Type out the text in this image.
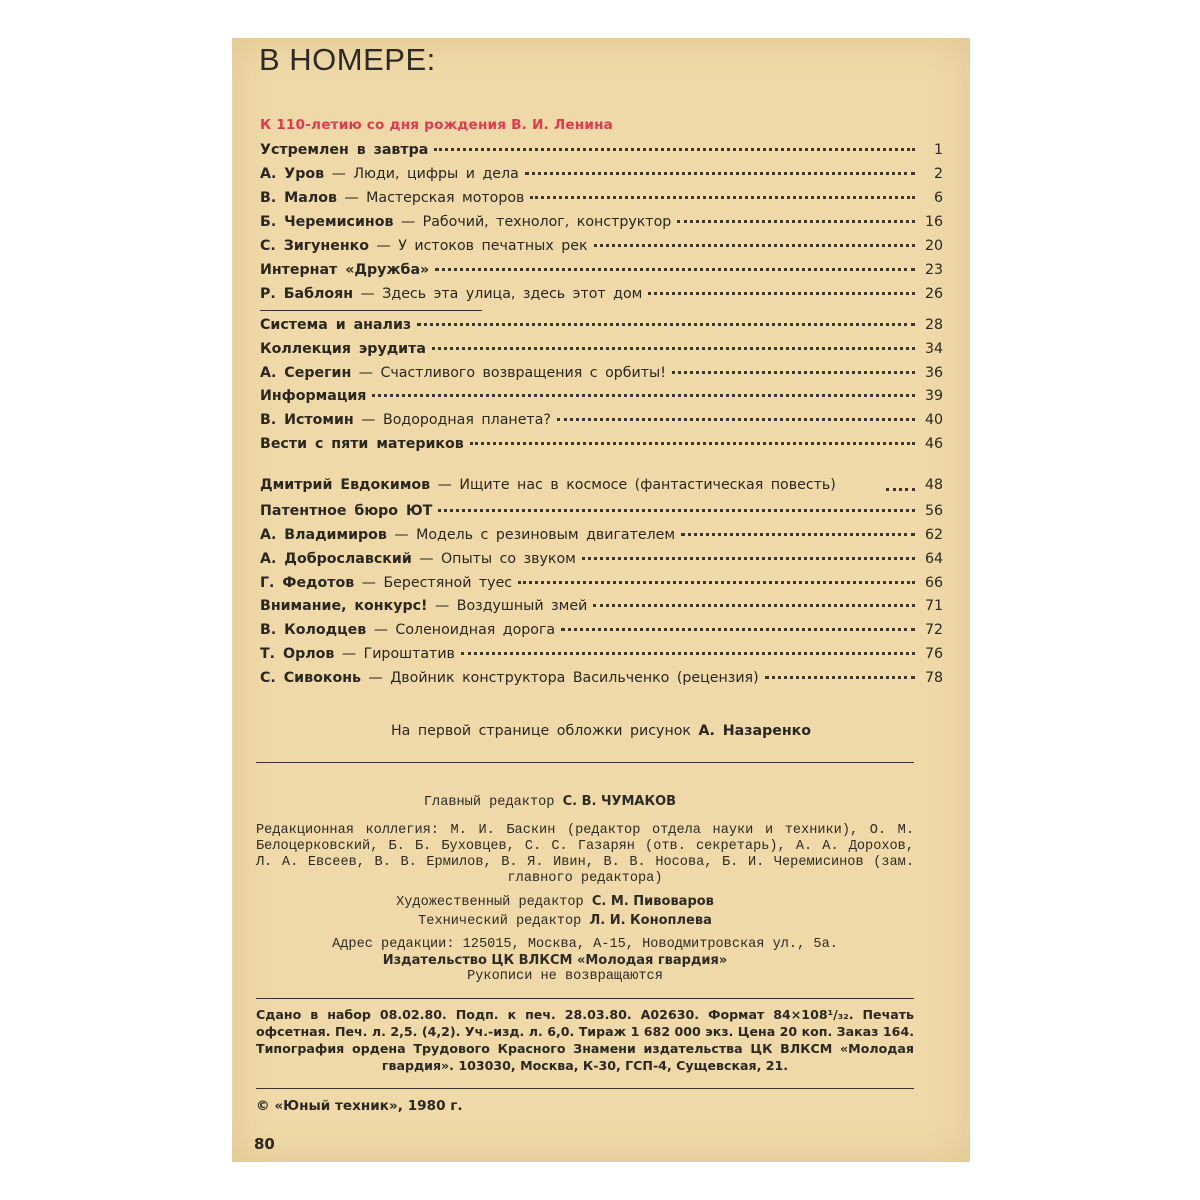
В НОМЕРЕ:
К 110-летию со дня рождения В. И. Ленина
Устремлен в завтра	1
А. Уров — Люди, цифры и дела	2
В. Малов — Мастерская моторов	6
Б. Черемисинов — Рабочий, технолог, конструктор	16
С. Зигуненко — У истоков печатных рек	20
Интернат «Дружба»	23
Р. Баблоян — Здесь эта улица, здесь этот дом	26
Система и анализ	28
Коллекция эрудита	34
А. Серегин — Счастливого возвращения с орбиты!	36
Информация	39
В. Истомин — Водородная планета?	40
Вести с пяти материков	46
Дмитрий Евдокимов — Ищите нас в космосе (фантастическая повесть)	48
Патентное бюро ЮТ	56
А. Владимиров — Модель с резиновым двигателем	62
А. Доброславский — Опыты со звуком	64
Г. Федотов — Берестяной туес	66
Внимание, конкурс! — Воздушный змей	71
В. Колодцев — Соленоидная дорога	72
Т. Орлов — Гироштатив	76
С. Сивоконь — Двойник конструктора Васильченко (рецензия)	78
На первой странице обложки рисунок А. Назаренко
Главный редактор С. В. ЧУМАКОВ
Редакционная коллегия: М. И. Баскин (редактор отдела науки и техники), О. М. Белоцерковский, Б. Б. Буховцев, С. С. Газарян (отв. секретарь), А. А. Дорохов, Л. А. Евсеев, В. В. Ермилов, В. Я. Ивин, В. В. Носова, Б. И. Черемисинов (зам. главного редактора)
Художественный редактор С. М. Пивоваров
Технический редактор Л. И. Коноплева
Адрес редакции: 125015, Москва, А-15, Новодмитровская ул., 5а.
Издательство ЦК ВЛКСМ «Молодая гвардия»
Рукописи не возвращаются
Сдано в набор 08.02.80. Подп. к печ. 28.03.80. А02630. Формат 84×108¹/₃₂. Печать офсетная. Печ. л. 2,5. (4,2). Уч.-изд. л. 6,0. Тираж 1 682 000 экз. Цена 20 коп. Заказ 164. Типография ордена Трудового Красного Знамени издательства ЦК ВЛКСМ «Молодая гвардия». 103030, Москва, К-30, ГСП-4, Сущевская, 21.
© «Юный техник», 1980 г.
80
